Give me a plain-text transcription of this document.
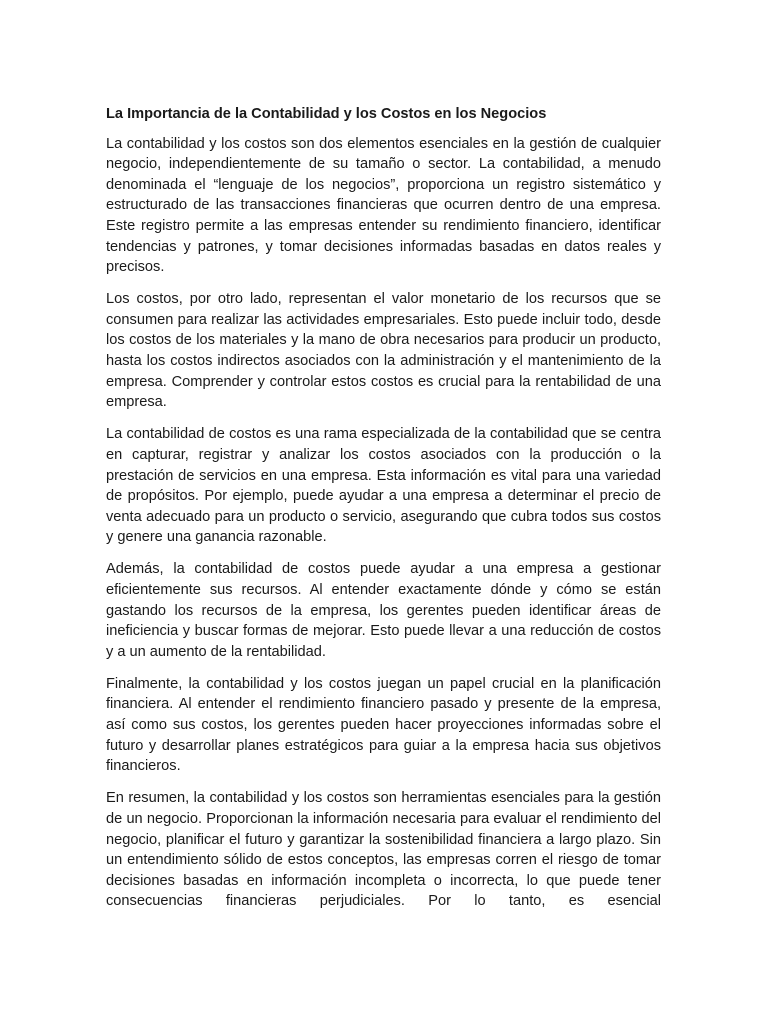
La Importancia de la Contabilidad y los Costos en los Negocios

La contabilidad y los costos son dos elementos esenciales en la gestión de cualquier negocio, independientemente de su tamaño o sector. La contabilidad, a menudo denominada el “lenguaje de los negocios”, proporciona un registro sistemático y estructurado de las transacciones financieras que ocurren dentro de una empresa. Este registro permite a las empresas entender su rendimiento financiero, identificar tendencias y patrones, y tomar decisiones informadas basadas en datos reales y precisos.

Los costos, por otro lado, representan el valor monetario de los recursos que se consumen para realizar las actividades empresariales. Esto puede incluir todo, desde los costos de los materiales y la mano de obra necesarios para producir un producto, hasta los costos indirectos asociados con la administración y el mantenimiento de la empresa. Comprender y controlar estos costos es crucial para la rentabilidad de una empresa.

La contabilidad de costos es una rama especializada de la contabilidad que se centra en capturar, registrar y analizar los costos asociados con la producción o la prestación de servicios en una empresa. Esta información es vital para una variedad de propósitos. Por ejemplo, puede ayudar a una empresa a determinar el precio de venta adecuado para un producto o servicio, asegurando que cubra todos sus costos y genere una ganancia razonable.

Además, la contabilidad de costos puede ayudar a una empresa a gestionar eficientemente sus recursos. Al entender exactamente dónde y cómo se están gastando los recursos de la empresa, los gerentes pueden identificar áreas de ineficiencia y buscar formas de mejorar. Esto puede llevar a una reducción de costos y a un aumento de la rentabilidad.

Finalmente, la contabilidad y los costos juegan un papel crucial en la planificación financiera. Al entender el rendimiento financiero pasado y presente de la empresa, así como sus costos, los gerentes pueden hacer proyecciones informadas sobre el futuro y desarrollar planes estratégicos para guiar a la empresa hacia sus objetivos financieros.

En resumen, la contabilidad y los costos son herramientas esenciales para la gestión de un negocio. Proporcionan la información necesaria para evaluar el rendimiento del negocio, planificar el futuro y garantizar la sostenibilidad financiera a largo plazo. Sin un entendimiento sólido de estos conceptos, las empresas corren el riesgo de tomar decisiones basadas en información incompleta o incorrecta, lo que puede tener consecuencias financieras perjudiciales. Por lo tanto, es esencial
